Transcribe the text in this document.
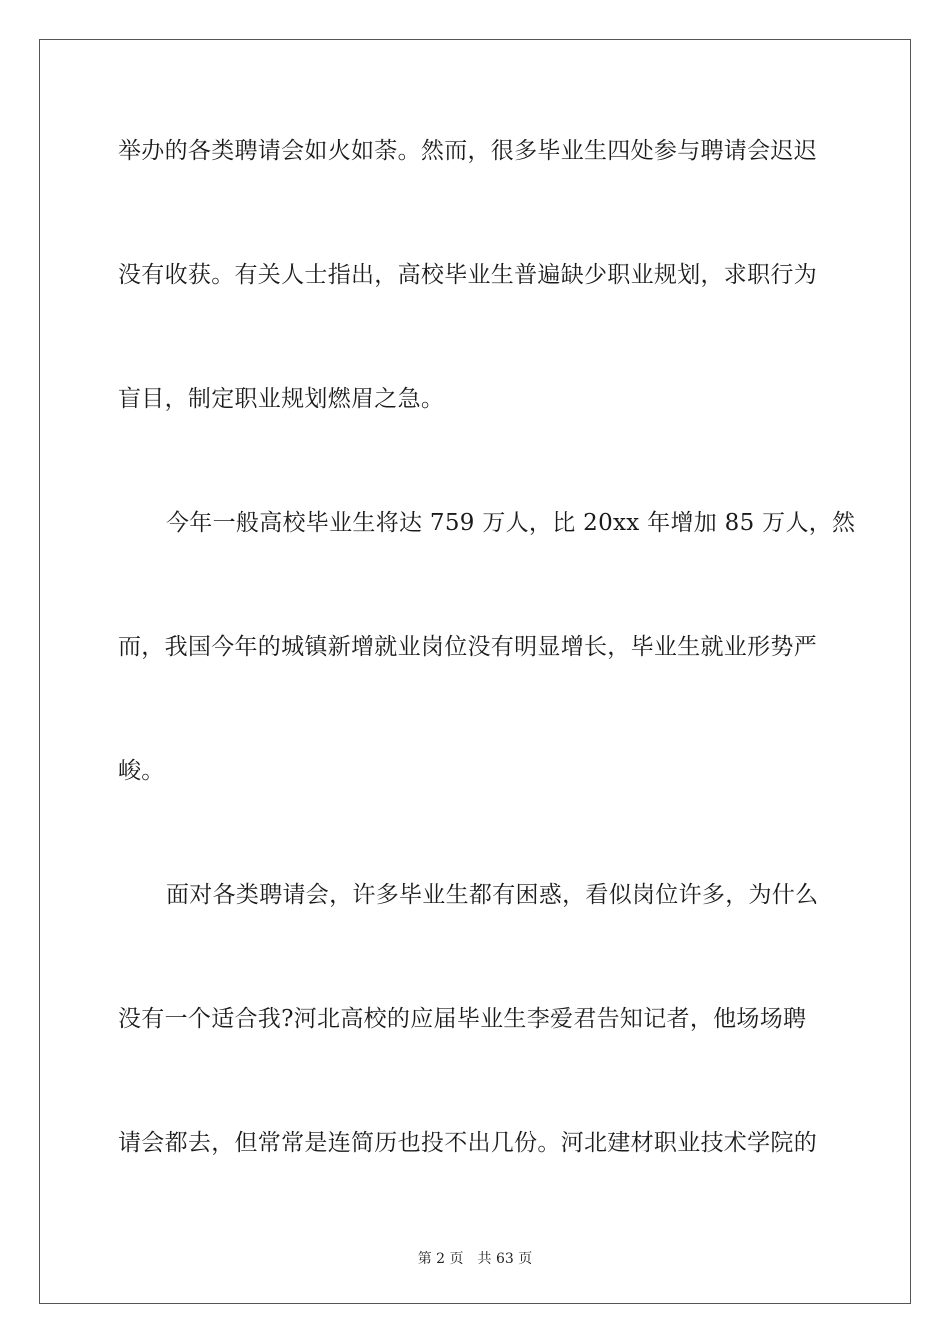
举办的各类聘请会如火如荼。然而，很多毕业生四处参与聘请会迟迟
没有收获。有关人士指出，高校毕业生普遍缺少职业规划，求职行为
盲目，制定职业规划燃眉之急。
今年一般高校毕业生将达 759 万人，比 20xx 年增加 85 万人，然
而，我国今年的城镇新增就业岗位没有明显增长，毕业生就业形势严
峻。
面对各类聘请会，许多毕业生都有困惑，看似岗位许多，为什么
没有一个适合我?河北高校的应届毕业生李爱君告知记者，他场场聘
请会都去，但常常是连简历也投不出几份。河北建材职业技术学院的
第 2 页 共 63 页
